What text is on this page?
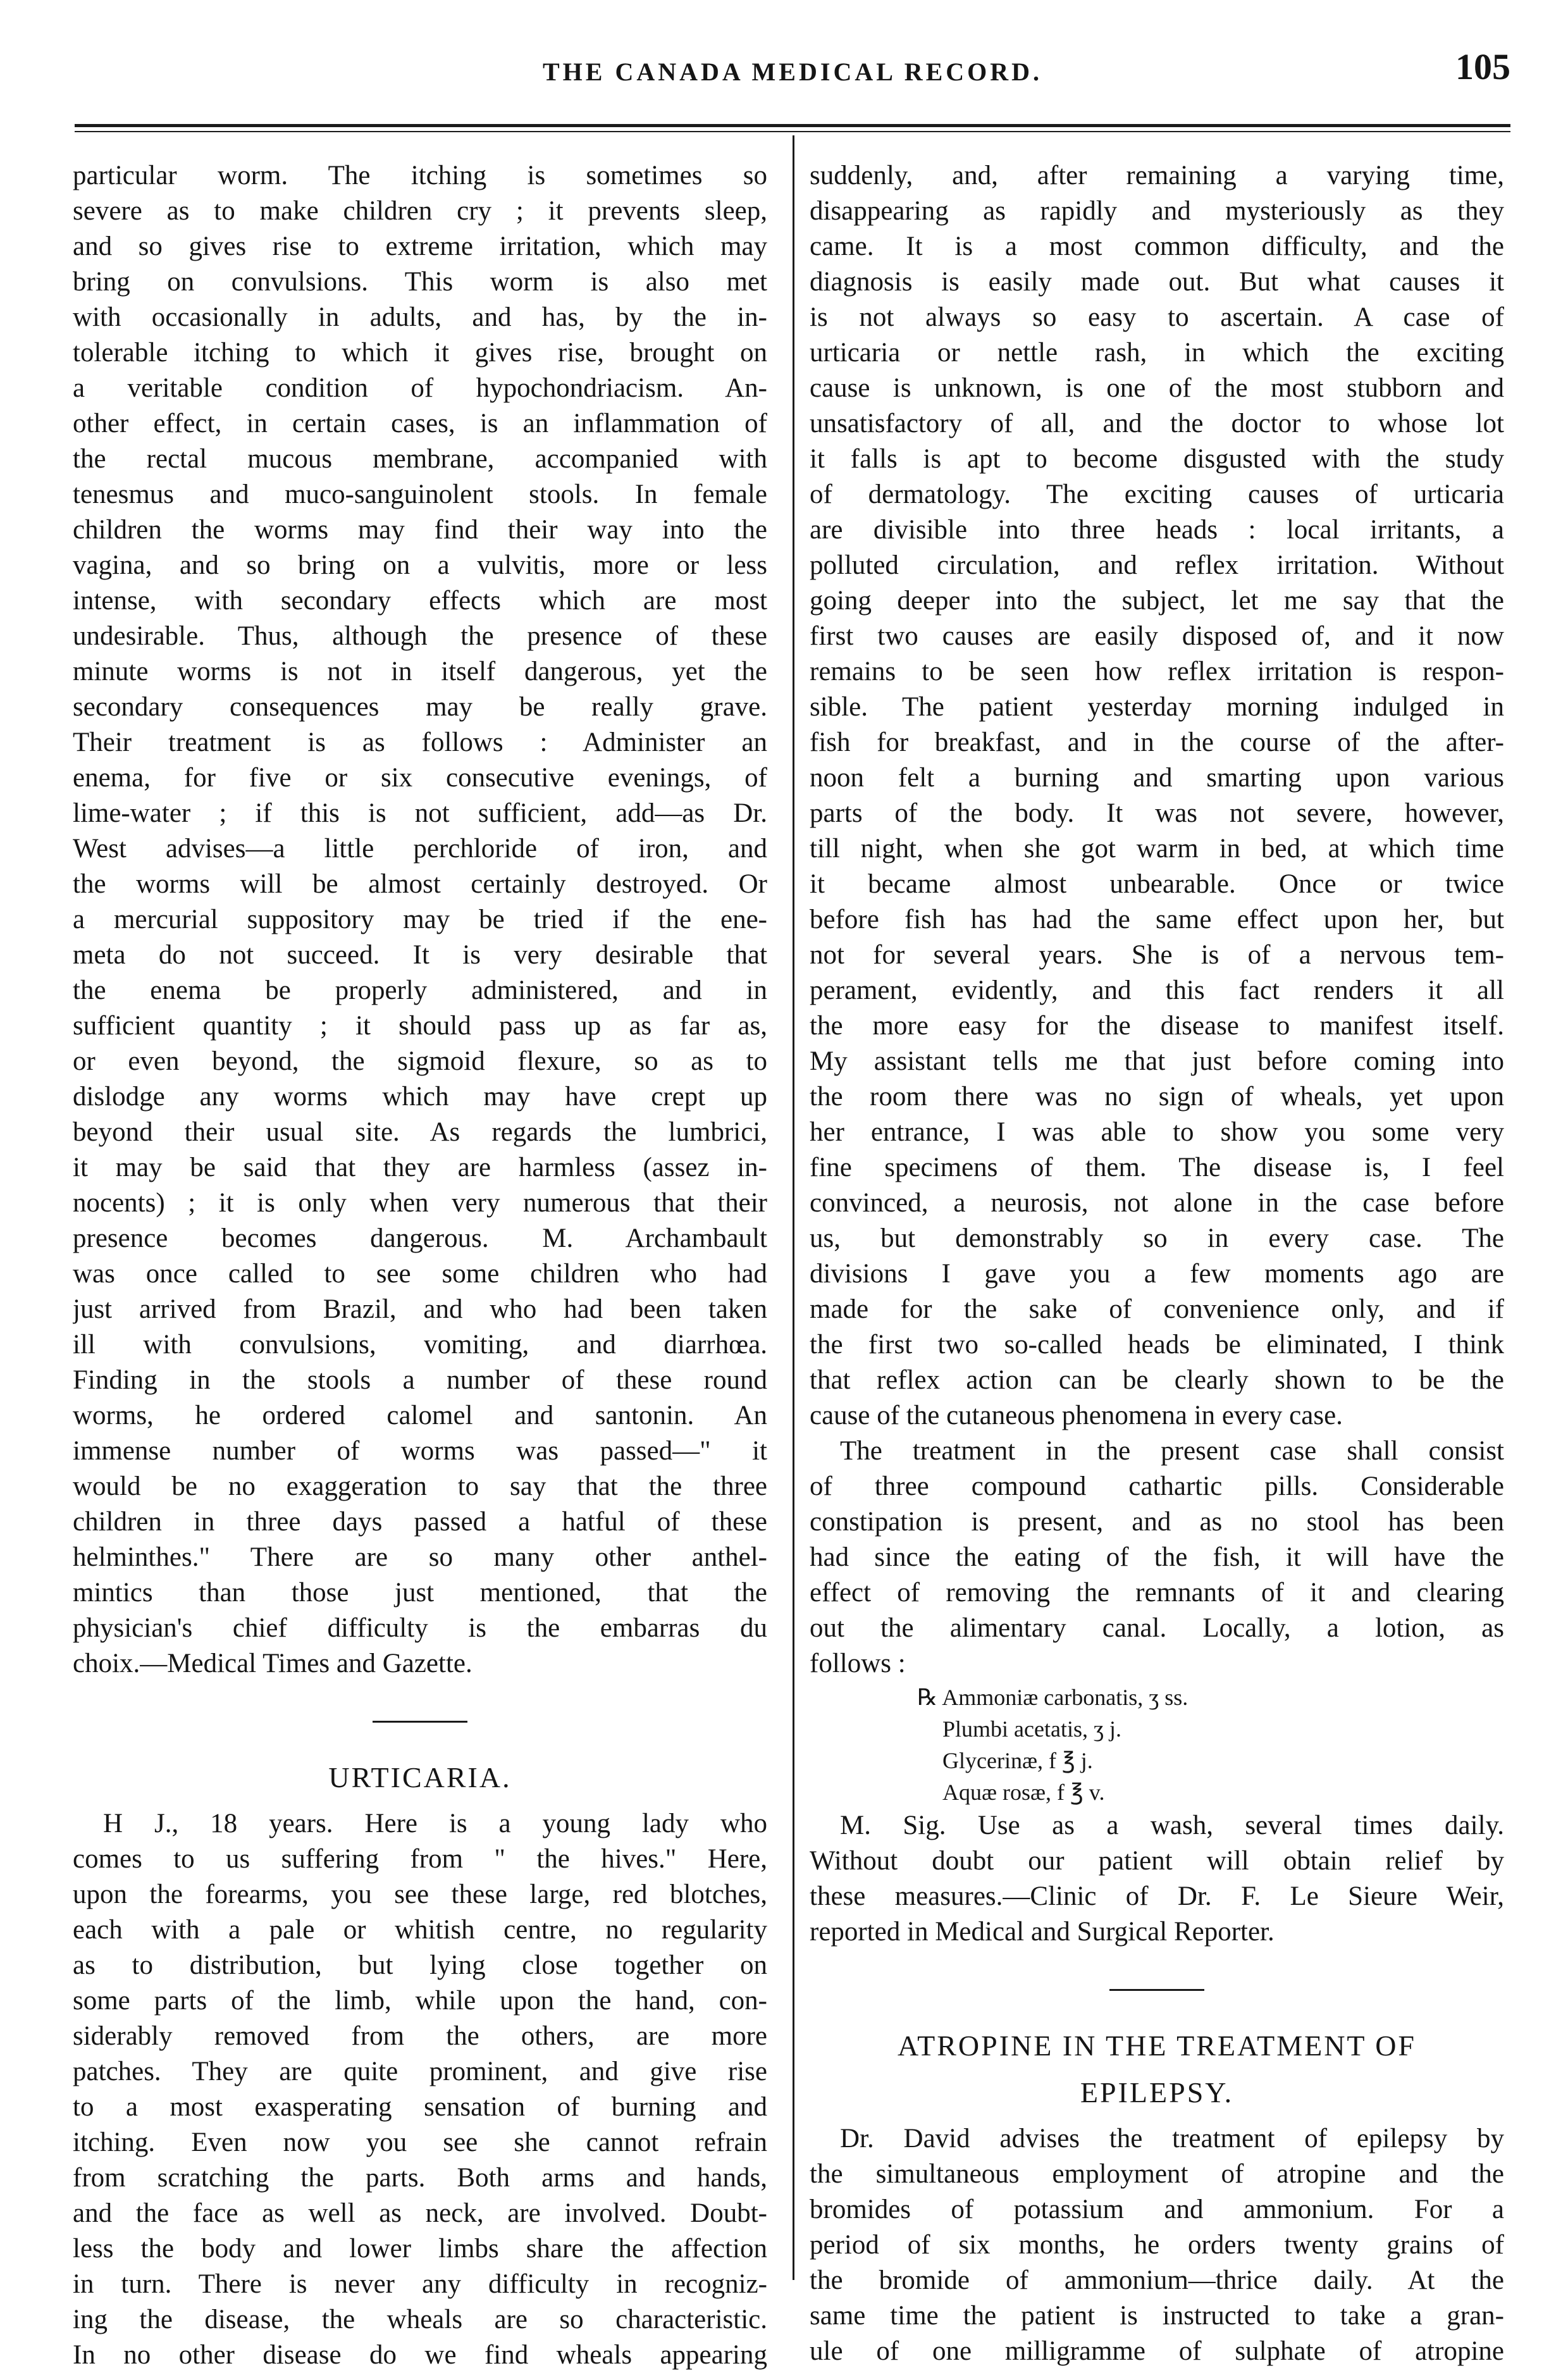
THE CANADA MEDICAL RECORD.	105
particular worm. The itching is sometimes so
severe as to make children cry ; it prevents sleep,
and so gives rise to extreme irritation, which may
bring on convulsions. This worm is also met
with occasionally in adults, and has, by the in-
tolerable itching to which it gives rise, brought on
a veritable condition of hypochondriacism. An-
other effect, in certain cases, is an inflammation of
the rectal mucous membrane, accompanied with
tenesmus and muco-sanguinolent stools. In female
children the worms may find their way into the
vagina, and so bring on a vulvitis, more or less
intense, with secondary effects which are most
undesirable. Thus, although the presence of these
minute worms is not in itself dangerous, yet the
secondary consequences may be really grave.
Their treatment is as follows : Administer an
enema, for five or six consecutive evenings, of
lime-water ; if this is not sufficient, add—as Dr.
West advises—a little perchloride of iron, and
the worms will be almost certainly destroyed. Or
a mercurial suppository may be tried if the ene-
meta do not succeed. It is very desirable that
the enema be properly administered, and in
sufficient quantity ; it should pass up as far as,
or even beyond, the sigmoid flexure, so as to
dislodge any worms which may have crept up
beyond their usual site. As regards the lumbrici,
it may be said that they are harmless (assez in-
nocents) ; it is only when very numerous that their
presence becomes dangerous. M. Archambault
was once called to see some children who had
just arrived from Brazil, and who had been taken
ill with convulsions, vomiting, and diarrhœa.
Finding in the stools a number of these round
worms, he ordered calomel and santonin. An
immense number of worms was passed—" it
would be no exaggeration to say that the three
children in three days passed a hatful of these
helminthes." There are so many other anthel-
mintics than those just mentioned, that the
physician's chief difficulty is the embarras du
choix.—Medical Times and Gazette.
URTICARIA.
H J., 18 years. Here is a young lady who
comes to us suffering from " the hives." Here,
upon the forearms, you see these large, red blotches,
each with a pale or whitish centre, no regularity
as to distribution, but lying close together on
some parts of the limb, while upon the hand, con-
siderably removed from the others, are more
patches. They are quite prominent, and give rise
to a most exasperating sensation of burning and
itching. Even now you see she cannot refrain
from scratching the parts. Both arms and hands,
and the face as well as neck, are involved. Doubt-
less the body and lower limbs share the affection
in turn. There is never any difficulty in recogniz-
ing the disease, the wheals are so characteristic.
In no other disease do we find wheals appearing
suddenly, and, after remaining a varying time,
disappearing as rapidly and mysteriously as they
came. It is a most common difficulty, and the
diagnosis is easily made out. But what causes it
is not always so easy to ascertain. A case of
urticaria or nettle rash, in which the exciting
cause is unknown, is one of the most stubborn and
unsatisfactory of all, and the doctor to whose lot
it falls is apt to become disgusted with the study
of dermatology. The exciting causes of urticaria
are divisible into three heads : local irritants, a
polluted circulation, and reflex irritation. Without
going deeper into the subject, let me say that the
first two causes are easily disposed of, and it now
remains to be seen how reflex irritation is respon-
sible. The patient yesterday morning indulged in
fish for breakfast, and in the course of the after-
noon felt a burning and smarting upon various
parts of the body. It was not severe, however,
till night, when she got warm in bed, at which time
it became almost unbearable. Once or twice
before fish has had the same effect upon her, but
not for several years. She is of a nervous tem-
perament, evidently, and this fact renders it all
the more easy for the disease to manifest itself.
My assistant tells me that just before coming into
the room there was no sign of wheals, yet upon
her entrance, I was able to show you some very
fine specimens of them. The disease is, I feel
convinced, a neurosis, not alone in the case before
us, but demonstrably so in every case. The
divisions I gave you a few moments ago are
made for the sake of convenience only, and if
the first two so-called heads be eliminated, I think
that reflex action can be clearly shown to be the
cause of the cutaneous phenomena in every case.
The treatment in the present case shall consist
of three compound cathartic pills. Considerable
constipation is present, and as no stool has been
had since the eating of the fish, it will have the
effect of removing the remnants of it and clearing
out the alimentary canal. Locally, a lotion, as
follows :
℞ Ammoniæ carbonatis, ʒ ss.
Plumbi acetatis, ʒ j.
Glycerinæ, f ℥ j.
Aquæ rosæ, f ℥ v.
M. Sig. Use as a wash, several times daily.
Without doubt our patient will obtain relief by
these measures.—Clinic of Dr. F. Le Sieure Weir,
reported in Medical and Surgical Reporter.
ATROPINE IN THE TREATMENT OF
EPILEPSY.
Dr. David advises the treatment of epilepsy by
the simultaneous employment of atropine and the
bromides of potassium and ammonium. For a
period of six months, he orders twenty grains of
the bromide of ammonium—thrice daily. At the
same time the patient is instructed to take a gran-
ule of one milligramme of sulphate of atropine
